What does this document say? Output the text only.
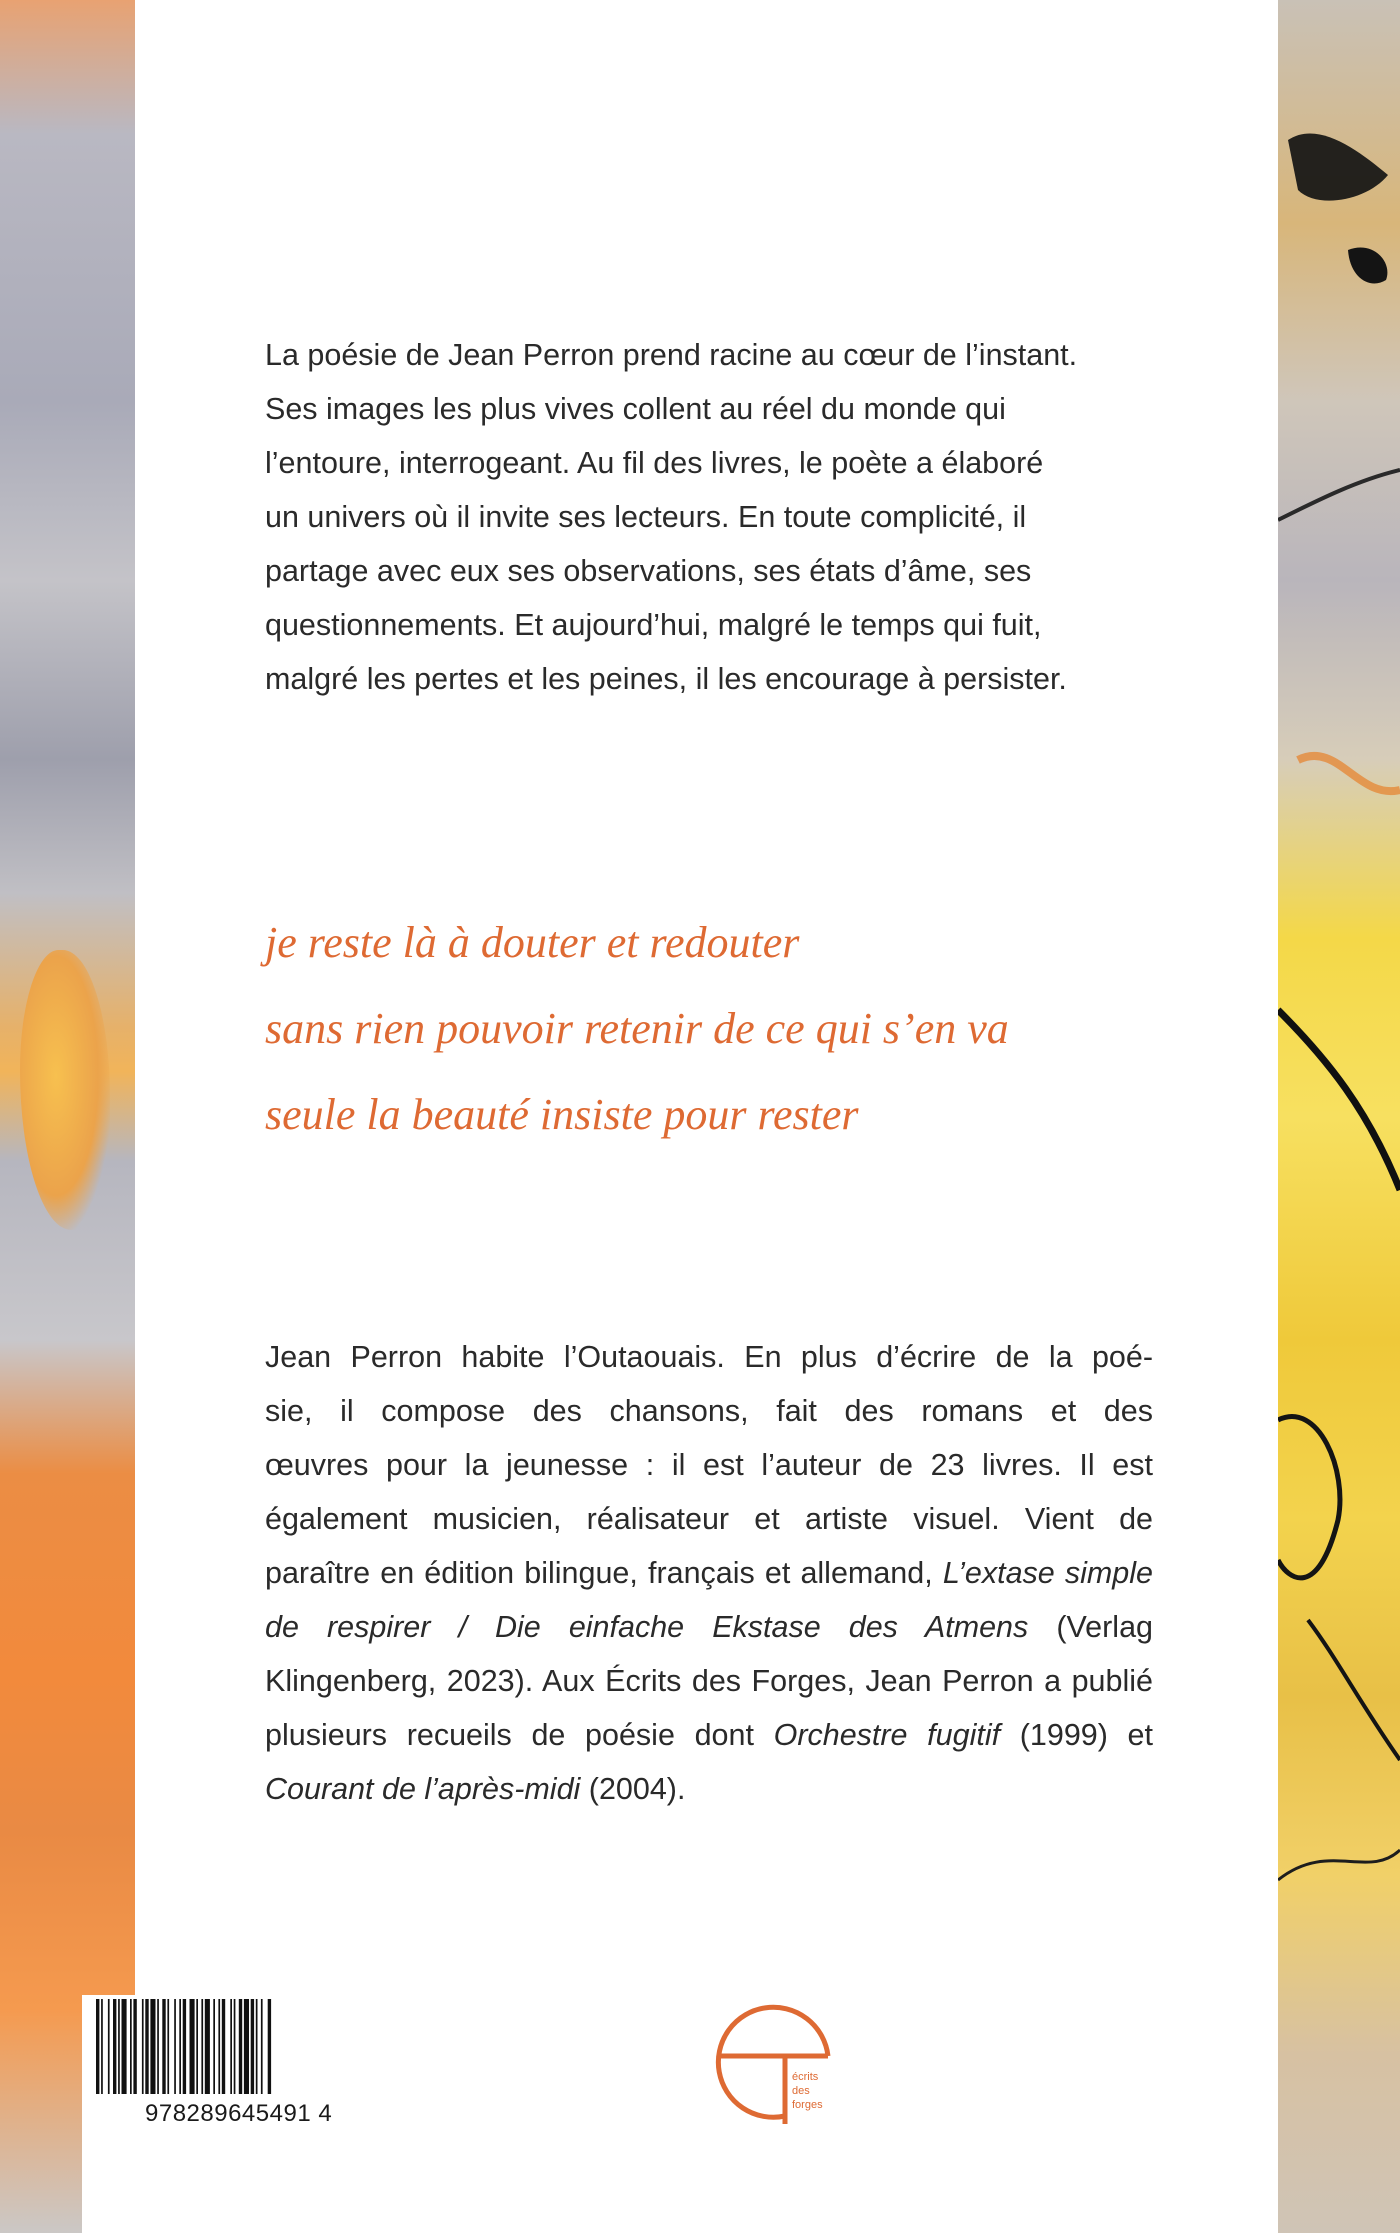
La poésie de Jean Perron prend racine au cœur de l’instant.
Ses images les plus vives collent au réel du monde qui
l’entoure, interrogeant. Au fil des livres, le poète a élaboré
un univers où il invite ses lecteurs. En toute complicité, il
partage avec eux ses observations, ses états d’âme, ses
questionnements. Et aujourd’hui, malgré le temps qui fuit,
malgré les pertes et les peines, il les encourage à persister.
je reste là à douter et redouter
sans rien pouvoir retenir de ce qui s’en va
seule la beauté insiste pour rester
Jean Perron habite l’Outaouais. En plus d’écrire de la poé-
sie, il compose des chansons, fait des romans et des
œuvres pour la jeunesse : il est l’auteur de 23 livres. Il est
également musicien, réalisateur et artiste visuel. Vient de
paraître en édition bilingue, français et allemand, L’extase simple de respirer / Die einfache Ekstase des Atmens (Verlag Klingenberg, 2023). Aux Écrits des Forges, Jean Perron a publié plusieurs recueils de poésie dont Orchestre fugitif (1999) et Courant de l’après-midi (2004).
978289645491 4
écrits
des
forges
